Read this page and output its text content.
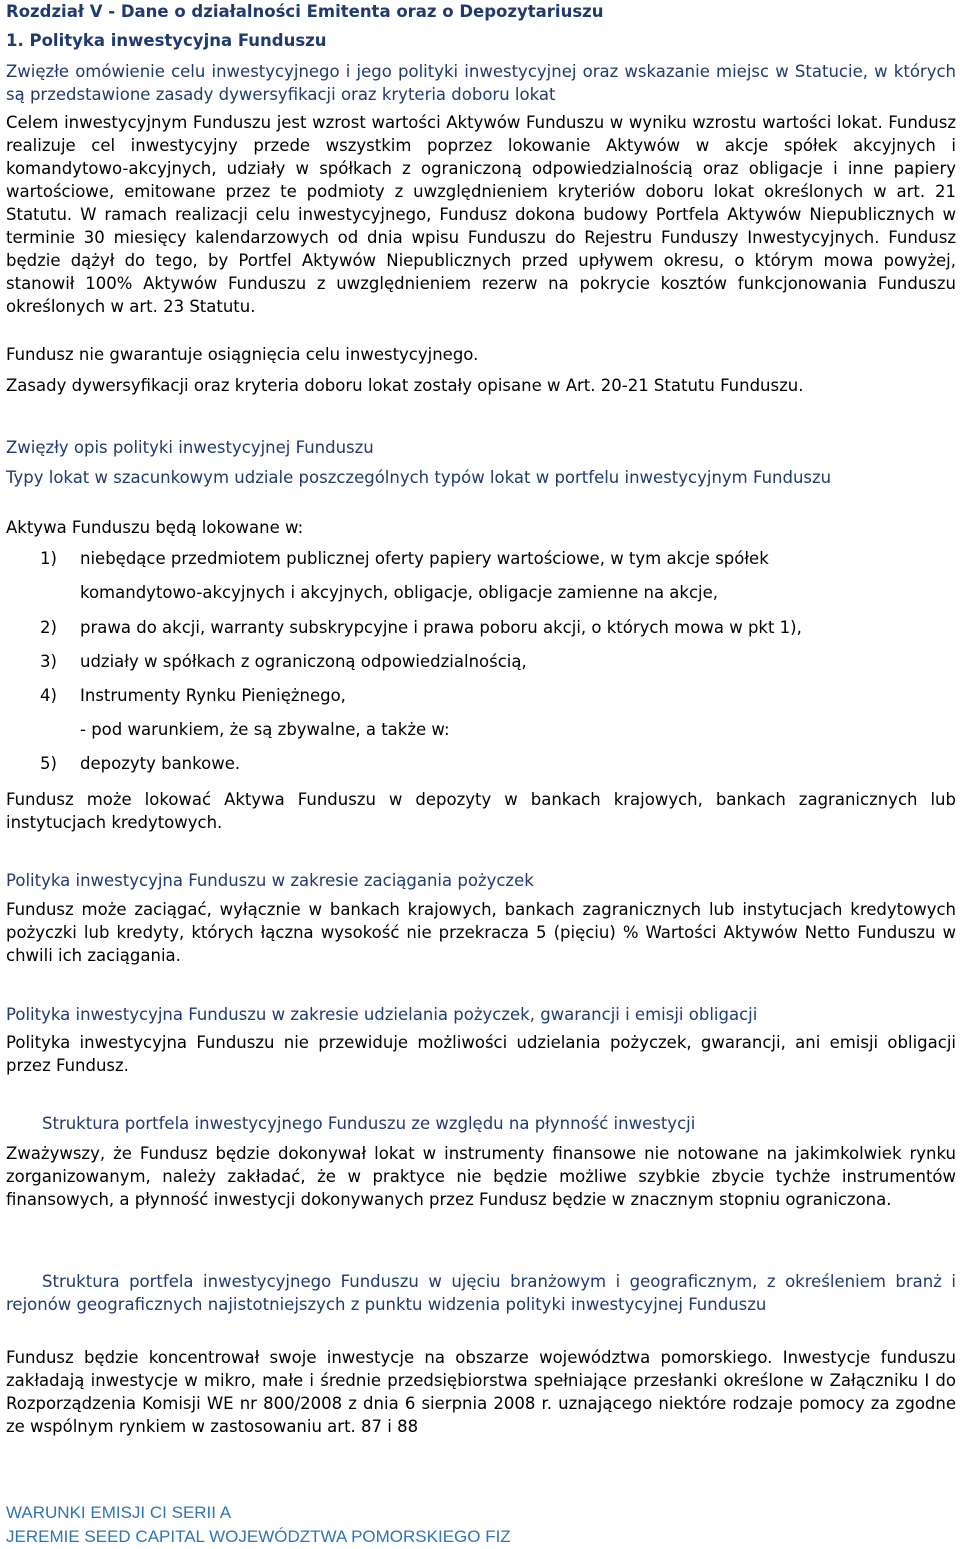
Rozdział V - Dane o działalności Emitenta oraz o Depozytariuszu
1. Polityka inwestycyjna Funduszu

Zwięzłe omówienie celu inwestycyjnego i jego polityki inwestycyjnej oraz wskazanie miejsc w Statucie, w których są przedstawione zasady dywersyfikacji oraz kryteria doboru lokat

Celem inwestycyjnym Funduszu jest wzrost wartości Aktywów Funduszu w wyniku wzrostu wartości lokat. Fundusz realizuje cel inwestycyjny przede wszystkim poprzez lokowanie Aktywów w akcje spółek akcyjnych i komandytowo-akcyjnych, udziały w spółkach z ograniczoną odpowiedzialnością oraz obligacje i inne papiery wartościowe, emitowane przez te podmioty z uwzględnieniem kryteriów doboru lokat określonych w art. 21 Statutu. W ramach realizacji celu inwestycyjnego, Fundusz dokona budowy Portfela Aktywów Niepublicznych w terminie 30 miesięcy kalendarzowych od dnia wpisu Funduszu do Rejestru Funduszy Inwestycyjnych. Fundusz będzie dążył do tego, by Portfel Aktywów Niepublicznych przed upływem okresu, o którym mowa powyżej, stanowił 100% Aktywów Funduszu z uwzględnieniem rezerw na pokrycie kosztów funkcjonowania Funduszu określonych w art. 23 Statutu.

Fundusz nie gwarantuje osiągnięcia celu inwestycyjnego.

Zasady dywersyfikacji oraz kryteria doboru lokat zostały opisane w Art. 20-21 Statutu Funduszu.

Zwięzły opis polityki inwestycyjnej Funduszu

Typy lokat w szacunkowym udziale poszczególnych typów lokat w portfelu inwestycyjnym Funduszu

Aktywa Funduszu będą lokowane w:

1) niebędące przedmiotem publicznej oferty papiery wartościowe, w tym akcje spółek

komandytowo-akcyjnych i akcyjnych, obligacje, obligacje zamienne na akcje,

2) prawa do akcji, warranty subskrypcyjne i prawa poboru akcji, o których mowa w pkt 1),

3) udziały w spółkach z ograniczoną odpowiedzialnością,

4) Instrumenty Rynku Pieniężnego,

- pod warunkiem, że są zbywalne, a także w:

5) depozyty bankowe.

Fundusz może lokować Aktywa Funduszu w depozyty w bankach krajowych, bankach zagranicznych lub instytucjach kredytowych.

Polityka inwestycyjna Funduszu w zakresie zaciągania pożyczek

Fundusz może zaciągać, wyłącznie w bankach krajowych, bankach zagranicznych lub instytucjach kredytowych pożyczki lub kredyty, których łączna wysokość nie przekracza 5 (pięciu) % Wartości Aktywów Netto Funduszu w chwili ich zaciągania.

Polityka inwestycyjna Funduszu w zakresie udzielania pożyczek, gwarancji i emisji obligacji

Polityka inwestycyjna Funduszu nie przewiduje możliwości udzielania pożyczek, gwarancji, ani emisji obligacji przez Fundusz.

Struktura portfela inwestycyjnego Funduszu ze względu na płynność inwestycji

Zważywszy, że Fundusz będzie dokonywał lokat w instrumenty finansowe nie notowane na jakimkolwiek rynku zorganizowanym, należy zakładać, że w praktyce nie będzie możliwe szybkie zbycie tychże instrumentów finansowych, a płynność inwestycji dokonywanych przez Fundusz będzie w znacznym stopniu ograniczona.

Struktura portfela inwestycyjnego Funduszu w ujęciu branżowym i geograficznym, z określeniem branż i rejonów geograficznych najistotniejszych z punktu widzenia polityki inwestycyjnej Funduszu

Fundusz będzie koncentrował swoje inwestycje na obszarze województwa pomorskiego. Inwestycje funduszu zakładają inwestycje w mikro, małe i średnie przedsiębiorstwa spełniające przesłanki określone w Załączniku I do Rozporządzenia Komisji WE nr 800/2008 z dnia 6 sierpnia 2008 r. uznającego niektóre rodzaje pomocy za zgodne ze wspólnym rynkiem w zastosowaniu art. 87 i 88

WARUNKI EMISJI CI SERII A
JEREMIE SEED CAPITAL WOJEWÓDZTWA POMORSKIEGO FIZ
